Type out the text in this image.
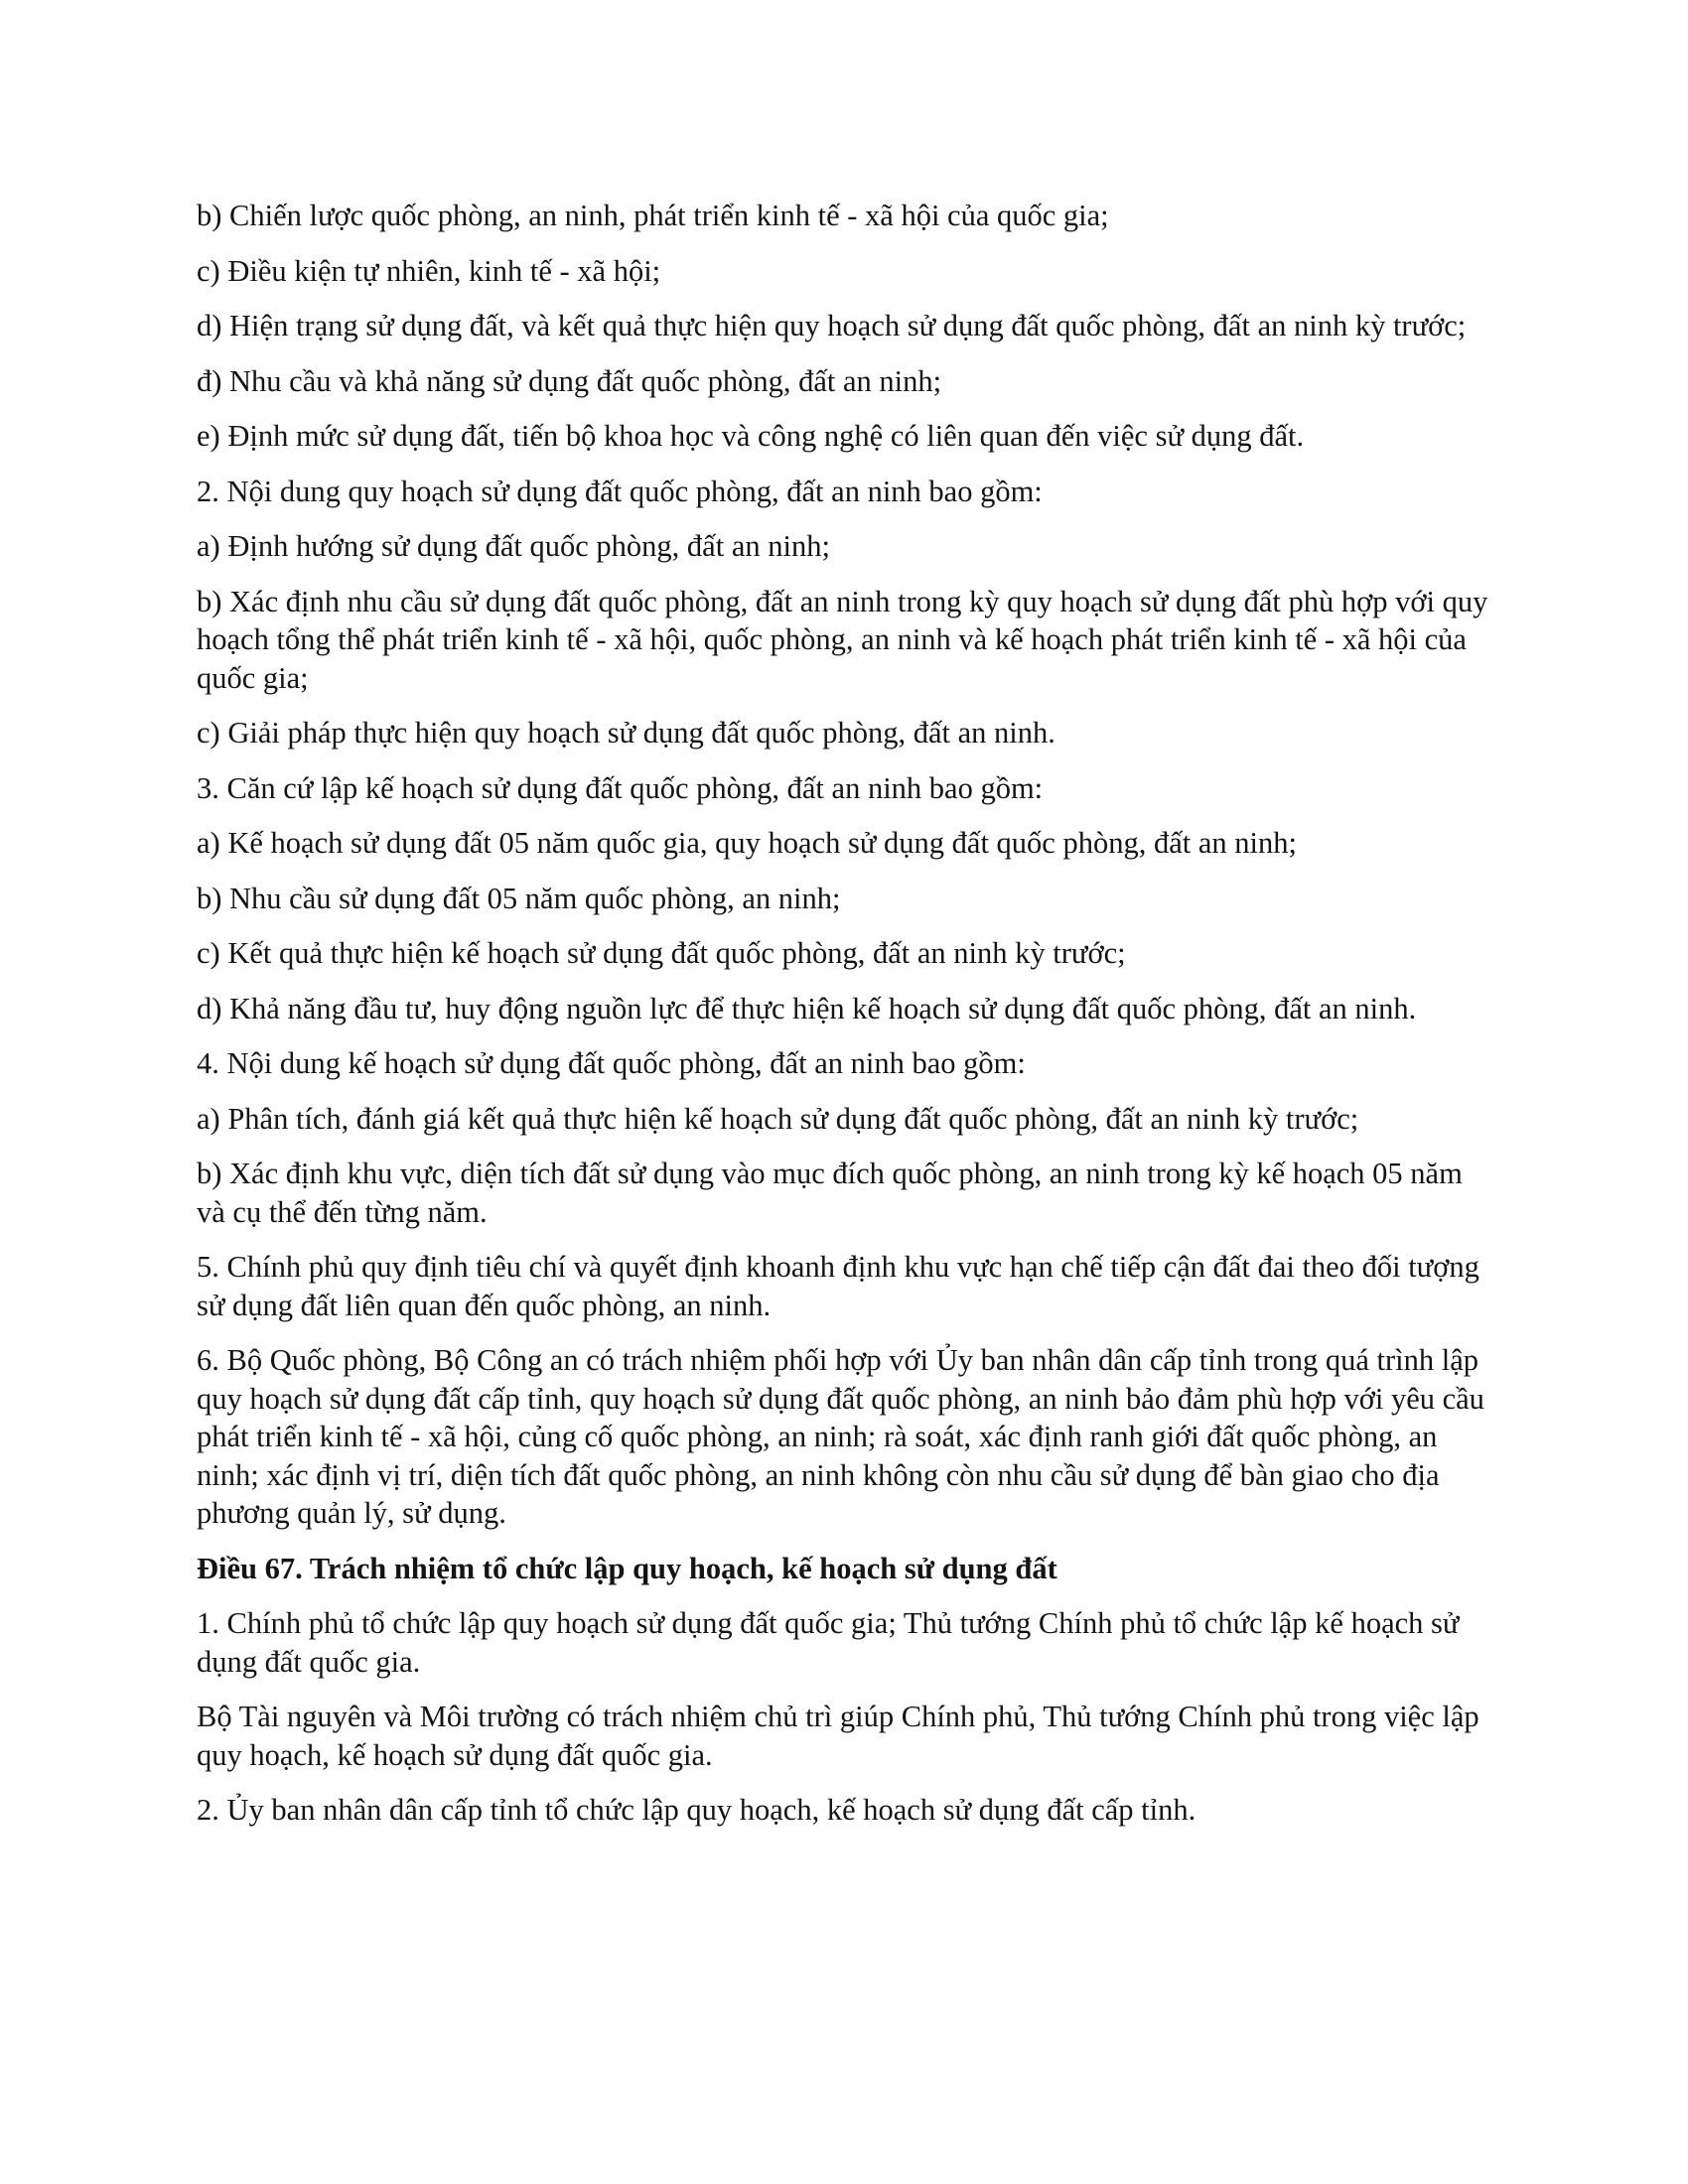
b) Chiến lược quốc phòng, an ninh, phát triển kinh tế - xã hội của quốc gia;

c) Điều kiện tự nhiên, kinh tế - xã hội;

d) Hiện trạng sử dụng đất, và kết quả thực hiện quy hoạch sử dụng đất quốc phòng, đất an ninh kỳ trước;

đ) Nhu cầu và khả năng sử dụng đất quốc phòng, đất an ninh;

e) Định mức sử dụng đất, tiến bộ khoa học và công nghệ có liên quan đến việc sử dụng đất.

2. Nội dung quy hoạch sử dụng đất quốc phòng, đất an ninh bao gồm:

a) Định hướng sử dụng đất quốc phòng, đất an ninh;

b) Xác định nhu cầu sử dụng đất quốc phòng, đất an ninh trong kỳ quy hoạch sử dụng đất phù hợp với quy hoạch tổng thể phát triển kinh tế - xã hội, quốc phòng, an ninh và kế hoạch phát triển kinh tế - xã hội của quốc gia;

c) Giải pháp thực hiện quy hoạch sử dụng đất quốc phòng, đất an ninh.

3. Căn cứ lập kế hoạch sử dụng đất quốc phòng, đất an ninh bao gồm:

a) Kế hoạch sử dụng đất 05 năm quốc gia, quy hoạch sử dụng đất quốc phòng, đất an ninh;

b) Nhu cầu sử dụng đất 05 năm quốc phòng, an ninh;

c) Kết quả thực hiện kế hoạch sử dụng đất quốc phòng, đất an ninh kỳ trước;

d) Khả năng đầu tư, huy động nguồn lực để thực hiện kế hoạch sử dụng đất quốc phòng, đất an ninh.

4. Nội dung kế hoạch sử dụng đất quốc phòng, đất an ninh bao gồm:

a) Phân tích, đánh giá kết quả thực hiện kế hoạch sử dụng đất quốc phòng, đất an ninh kỳ trước;

b) Xác định khu vực, diện tích đất sử dụng vào mục đích quốc phòng, an ninh trong kỳ kế hoạch 05 năm và cụ thể đến từng năm.

5. Chính phủ quy định tiêu chí và quyết định khoanh định khu vực hạn chế tiếp cận đất đai theo đối tượng sử dụng đất liên quan đến quốc phòng, an ninh.

6. Bộ Quốc phòng, Bộ Công an có trách nhiệm phối hợp với Ủy ban nhân dân cấp tỉnh trong quá trình lập quy hoạch sử dụng đất cấp tỉnh, quy hoạch sử dụng đất quốc phòng, an ninh bảo đảm phù hợp với yêu cầu phát triển kinh tế - xã hội, củng cố quốc phòng, an ninh; rà soát, xác định ranh giới đất quốc phòng, an ninh; xác định vị trí, diện tích đất quốc phòng, an ninh không còn nhu cầu sử dụng để bàn giao cho địa phương quản lý, sử dụng.

Điều 67. Trách nhiệm tổ chức lập quy hoạch, kế hoạch sử dụng đất

1. Chính phủ tổ chức lập quy hoạch sử dụng đất quốc gia; Thủ tướng Chính phủ tổ chức lập kế hoạch sử dụng đất quốc gia.

Bộ Tài nguyên và Môi trường có trách nhiệm chủ trì giúp Chính phủ, Thủ tướng Chính phủ trong việc lập quy hoạch, kế hoạch sử dụng đất quốc gia.

2. Ủy ban nhân dân cấp tỉnh tổ chức lập quy hoạch, kế hoạch sử dụng đất cấp tỉnh.
